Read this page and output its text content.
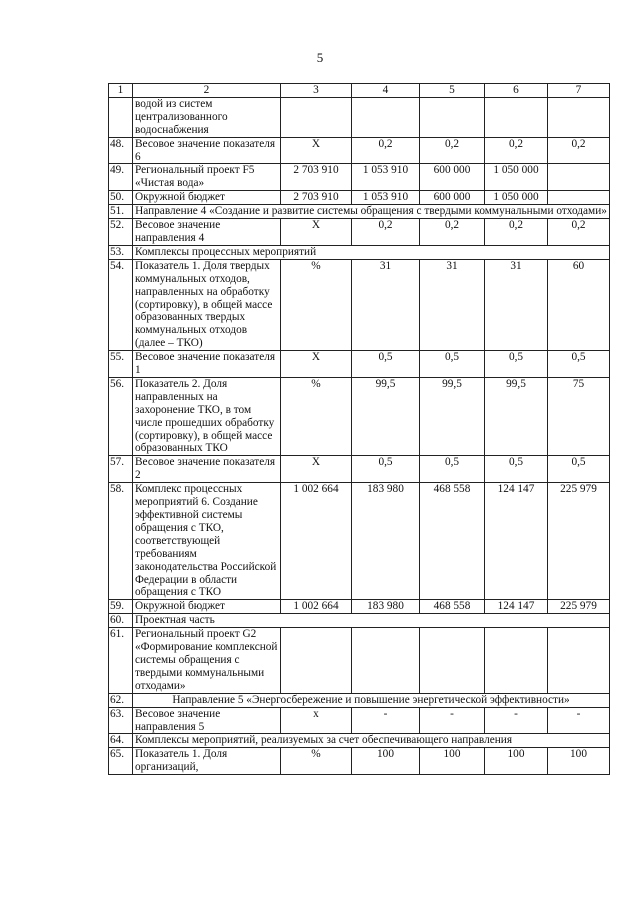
5
1	2	3	4	5	6	7
	водой из систем централизованного водоснабжения					
48.	Весовое значение показателя 6	Х	0,2	0,2	0,2	0,2
49.	Региональный проект F5 «Чистая вода»	2 703 910	1 053 910	600 000	1 050 000	
50.	Окружной бюджет	2 703 910	1 053 910	600 000	1 050 000	
51.	Направление 4 «Создание и развитие системы обращения с твердыми коммунальными отходами»					
52.	Весовое значение направления 4	Х	0,2	0,2	0,2	0,2
53.	Комплексы процессных мероприятий					
54.	Показатель 1. Доля твердых коммунальных отходов, направленных на обработку (сортировку), в общей массе образованных твердых коммунальных отходов (далее – ТКО)	%	31	31	31	60
55.	Весовое значение показателя 1	Х	0,5	0,5	0,5	0,5
56.	Показатель 2. Доля направленных на захоронение ТКО, в том числе прошедших обработку (сортировку), в общей массе образованных ТКО	%	99,5	99,5	99,5	75
57.	Весовое значение показателя 2	Х	0,5	0,5	0,5	0,5
58.	Комплекс процессных мероприятий 6. Создание эффективной системы обращения с ТКО, соответствующей требованиям законодательства Российской Федерации в области обращения с ТКО	1 002 664	183 980	468 558	124 147	225 979
59.	Окружной бюджет	1 002 664	183 980	468 558	124 147	225 979
60.	Проектная часть					
61.	Региональный проект G2 «Формирование комплексной системы обращения с твердыми коммунальными отходами»					
62.	Направление 5 «Энергосбережение и повышение энергетической эффективности»					
63.	Весовое значение направления 5	х	-	-	-	-
64.	Комплексы мероприятий, реализуемых за счет обеспечивающего направления					
65.	Показатель 1. Доля организаций,	%	100	100	100	100
